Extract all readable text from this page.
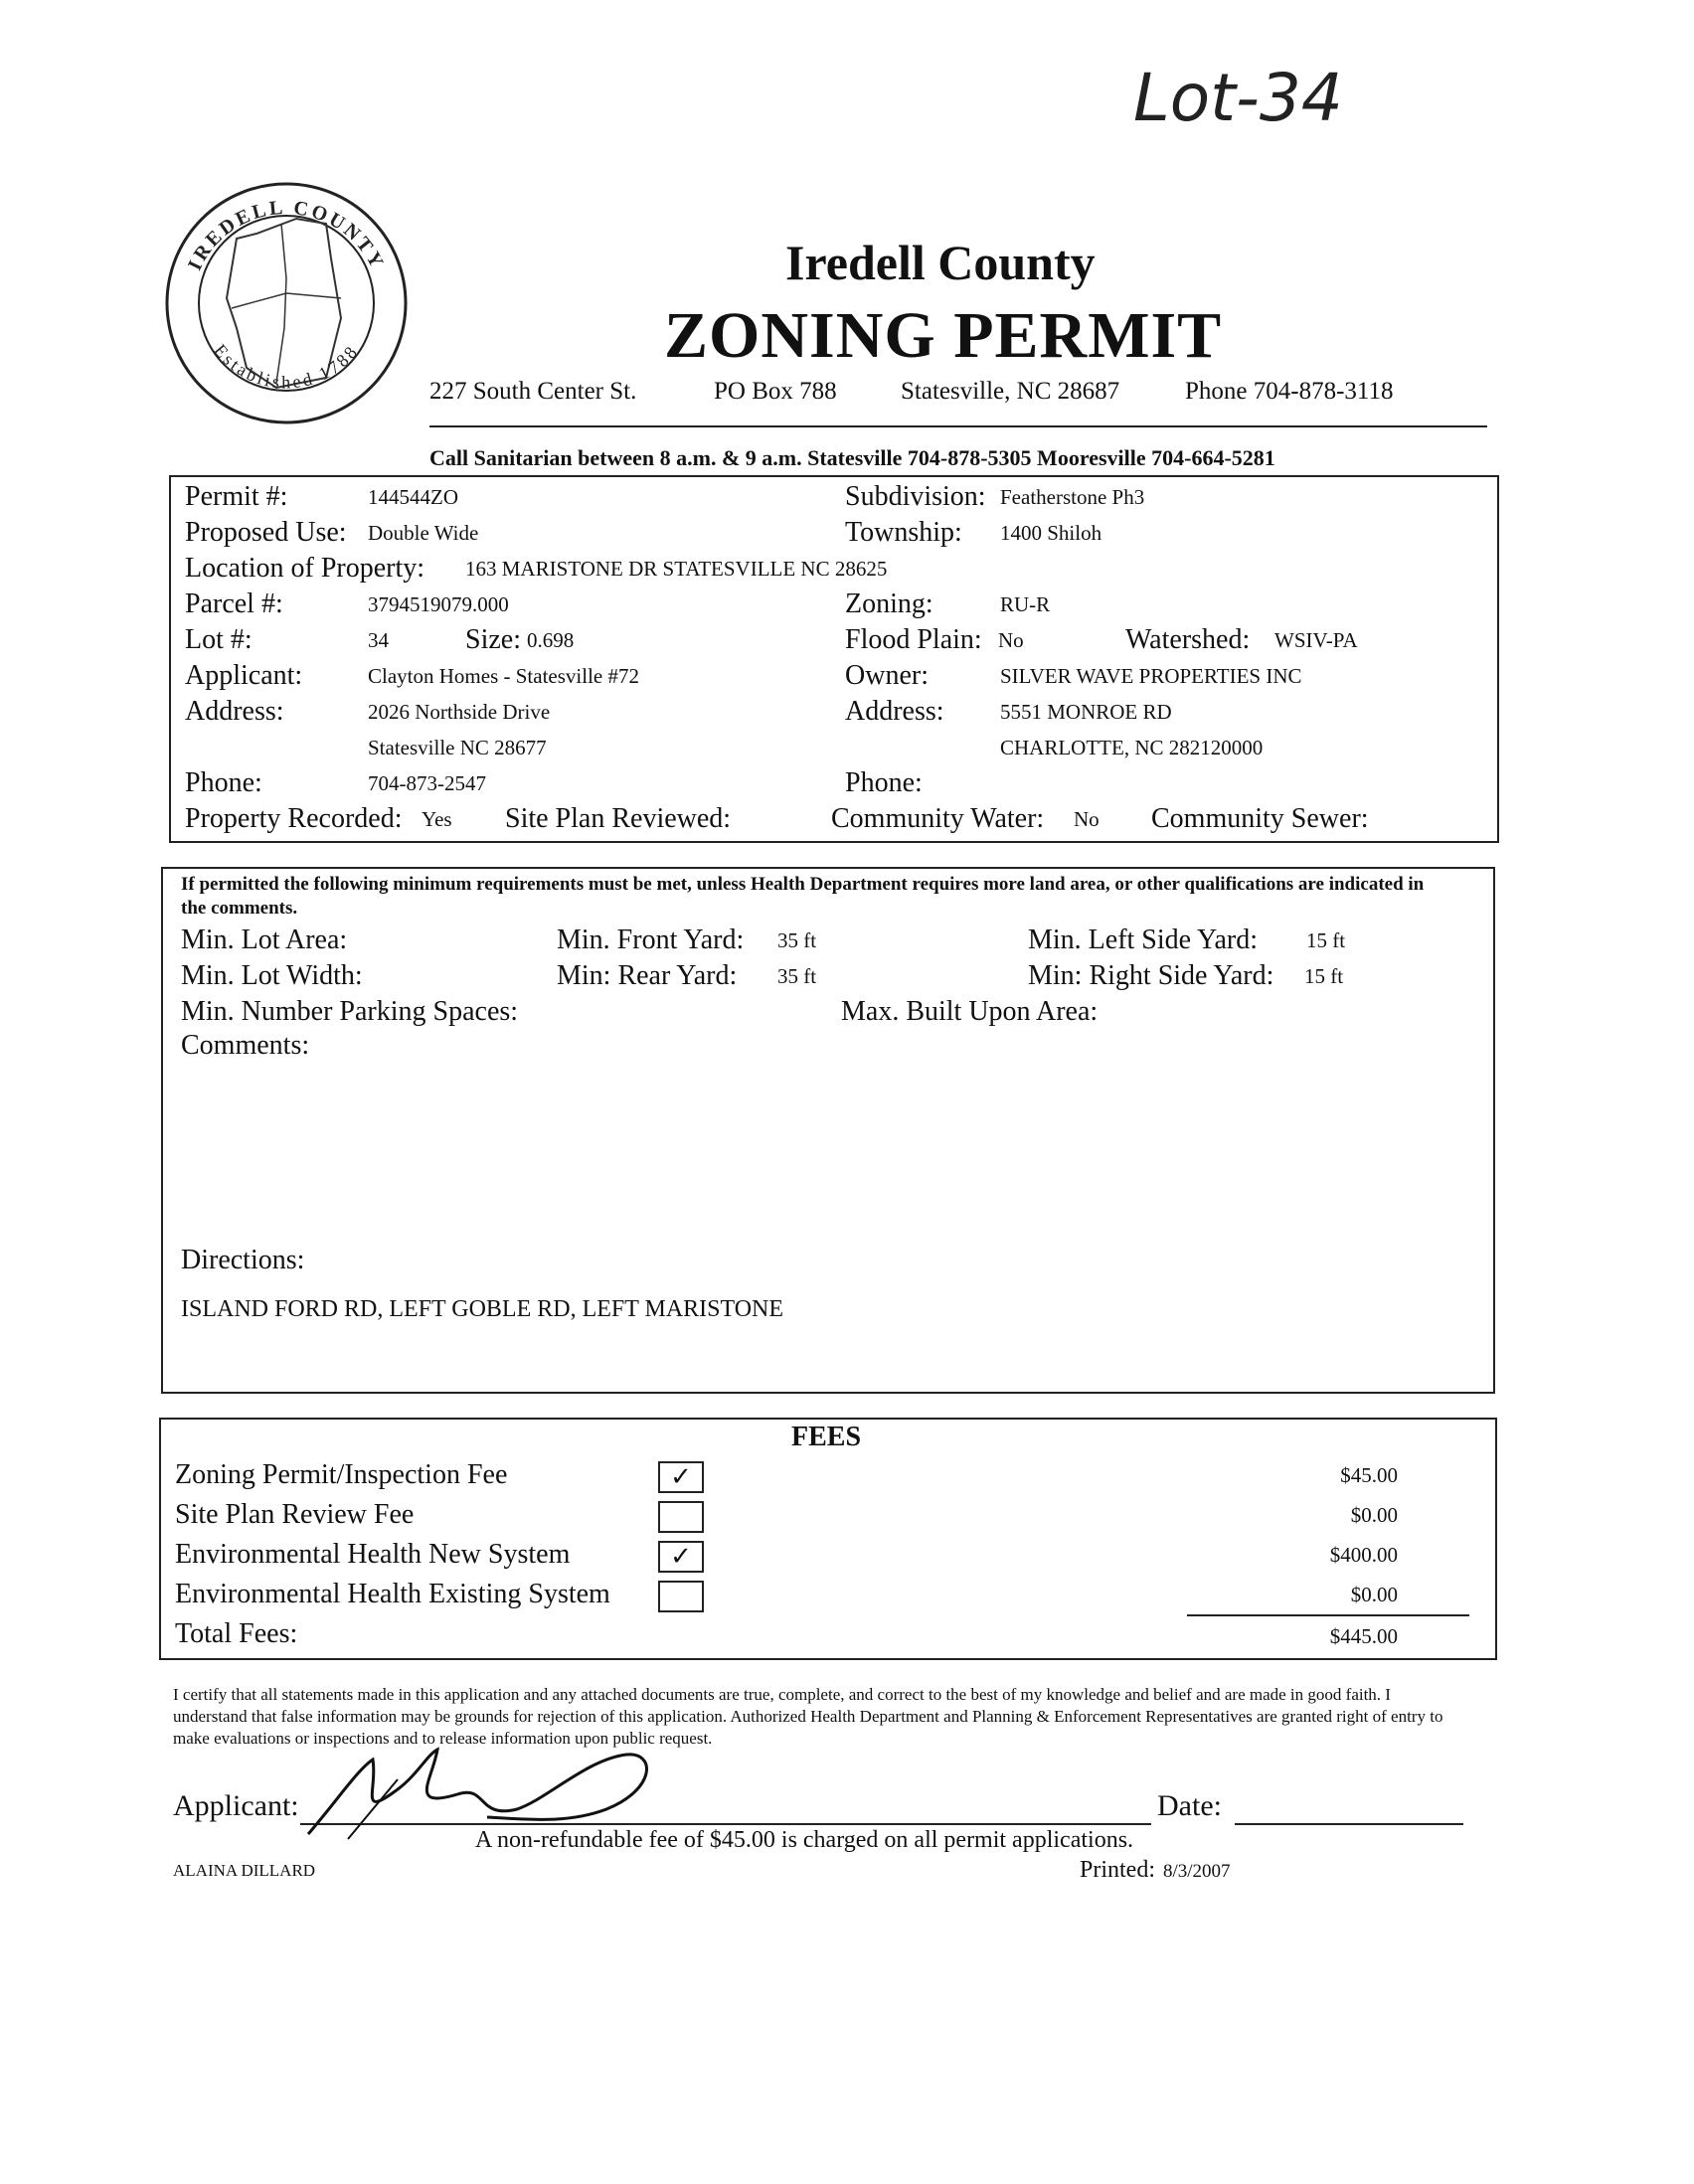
Lot-34
IREDELL COUNTY
Established 1788
Iredell County
ZONING PERMIT
227 South Center St.	PO Box 788	Statesville, NC 28687	Phone 704-878-3118
Call Sanitarian between 8 a.m. & 9 a.m. Statesville 704-878-5305 Mooresville 704-664-5281
Permit #:	144544ZO	Subdivision: Featherstone Ph3
Proposed Use: Double Wide	Township: 1400 Shiloh
Location of Property: 163 MARISTONE DR STATESVILLE NC 28625
Parcel #:	3794519079.000	Zoning:	RU-R
Lot #:	34	Size: 0.698	Flood Plain: No	Watershed: WSIV-PA
Applicant:	Clayton Homes - Statesville #72	Owner:	SILVER WAVE PROPERTIES INC
Address:	2026 Northside Drive
Statesville NC 28677
Address:	5551 MONROE RD
CHARLOTTE, NC 282120000
Phone:	704-873-2547	Phone:
Property Recorded: Yes Site Plan Reviewed:	Community Water: No Community Sewer:
If permitted the following minimum requirements must be met, unless Health Department requires more land area, or other qualifications are indicated in the comments.
Min. Lot Area:	Min. Front Yard: 35 ft	Min. Left Side Yard: 15 ft
Min. Lot Width:	Min: Rear Yard: 35 ft	Min: Right Side Yard: 15 ft
Min. Number Parking Spaces:	Max. Built Upon Area:
Comments:
Directions:
ISLAND FORD RD, LEFT GOBLE RD, LEFT MARISTONE
FEES
Zoning Permit/Inspection Fee	✓	$45.00
Site Plan Review Fee	$0.00
Environmental Health New System	✓	$400.00
Environmental Health Existing System	$0.00
Total Fees:	$445.00
I certify that all statements made in this application and any attached documents are true, complete, and correct to the best of my knowledge and belief and are made in good faith. I understand that false information may be grounds for rejection of this application. Authorized Health Department and Planning & Enforcement Representatives are granted right of entry to make evaluations or inspections and to release information upon public request.
Applicant:	Date:
A non-refundable fee of $45.00 is charged on all permit applications.
ALAINA DILLARD	Printed: 8/3/2007
